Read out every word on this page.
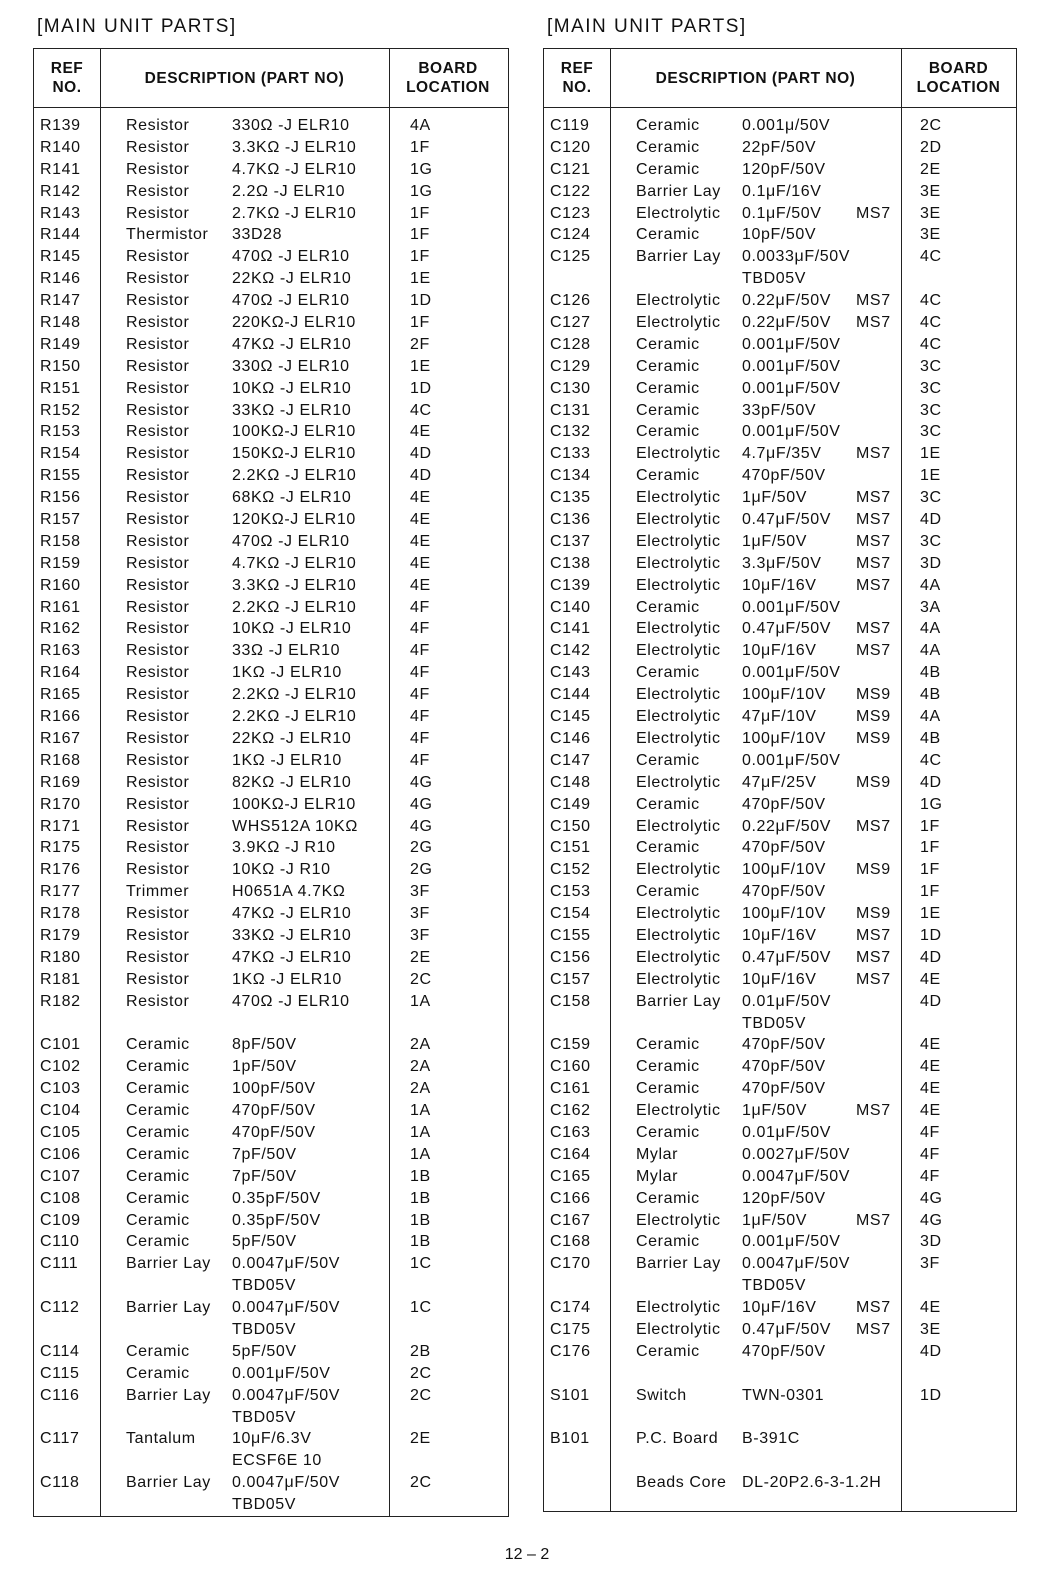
[MAIN UNIT PARTS]
REF NO.
DESCRIPTION (PART NO)
BOARD LOCATION
R139	Resistor	330Ω -J ELR10	4A
R140	Resistor	3.3KΩ -J ELR10	1F
R141	Resistor	4.7KΩ -J ELR10	1G
R142	Resistor	2.2Ω -J ELR10	1G
R143	Resistor	2.7KΩ -J ELR10	1F
R144	Thermistor	33D28	1F
R145	Resistor	470Ω -J ELR10	1F
R146	Resistor	22KΩ -J ELR10	1E
R147	Resistor	470Ω -J ELR10	1D
R148	Resistor	220KΩ-J ELR10	1F
R149	Resistor	47KΩ -J ELR10	2F
R150	Resistor	330Ω -J ELR10	1E
R151	Resistor	10KΩ -J ELR10	1D
R152	Resistor	33KΩ -J ELR10	4C
R153	Resistor	100KΩ-J ELR10	4E
R154	Resistor	150KΩ-J ELR10	4D
R155	Resistor	2.2KΩ -J ELR10	4D
R156	Resistor	68KΩ -J ELR10	4E
R157	Resistor	120KΩ-J ELR10	4E
R158	Resistor	470Ω -J ELR10	4E
R159	Resistor	4.7KΩ -J ELR10	4E
R160	Resistor	3.3KΩ -J ELR10	4E
R161	Resistor	2.2KΩ -J ELR10	4F
R162	Resistor	10KΩ -J ELR10	4F
R163	Resistor	33Ω -J ELR10	4F
R164	Resistor	1KΩ -J ELR10	4F
R165	Resistor	2.2KΩ -J ELR10	4F
R166	Resistor	2.2KΩ -J ELR10	4F
R167	Resistor	22KΩ -J ELR10	4F
R168	Resistor	1KΩ -J ELR10	4F
R169	Resistor	82KΩ -J ELR10	4G
R170	Resistor	100KΩ-J ELR10	4G
R171	Resistor	WHS512A 10KΩ	4G
R175	Resistor	3.9KΩ -J R10	2G
R176	Resistor	10KΩ -J R10	2G
R177	Trimmer	H0651A 4.7KΩ	3F
R178	Resistor	47KΩ -J ELR10	3F
R179	Resistor	33KΩ -J ELR10	3F
R180	Resistor	47KΩ -J ELR10	2E
R181	Resistor	1KΩ -J ELR10	2C
R182	Resistor	470Ω -J ELR10	1A
C101	Ceramic	8pF/50V	2A
C102	Ceramic	1pF/50V	2A
C103	Ceramic	100pF/50V	2A
C104	Ceramic	470pF/50V	1A
C105	Ceramic	470pF/50V	1A
C106	Ceramic	7pF/50V	1A
C107	Ceramic	7pF/50V	1B
C108	Ceramic	0.35pF/50V	1B
C109	Ceramic	0.35pF/50V	1B
C110	Ceramic	5pF/50V	1B
C111	Barrier Lay	0.0047μF/50V	1C
TBD05V
C112	Barrier Lay	0.0047μF/50V	1C
TBD05V
C114	Ceramic	5pF/50V	2B
C115	Ceramic	0.001μF/50V	2C
C116	Barrier Lay	0.0047μF/50V	2C
TBD05V
C117	Tantalum	10μF/6.3V	2E
ECSF6E 10
C118	Barrier Lay	0.0047μF/50V	2C
TBD05V
[MAIN UNIT PARTS]
REF NO.
DESCRIPTION (PART NO)
BOARD LOCATION
C119	Ceramic	0.001μ/50V	2C
C120	Ceramic	22pF/50V	2D
C121	Ceramic	120pF/50V	2E
C122	Barrier Lay	0.1μF/16V	3E
C123	Electrolytic	0.1μF/50V	MS7	3E
C124	Ceramic	10pF/50V	3E
C125	Barrier Lay	0.0033μF/50V	4C
TBD05V
C126	Electrolytic	0.22μF/50V	MS7	4C
C127	Electrolytic	0.22μF/50V	MS7	4C
C128	Ceramic	0.001μF/50V	4C
C129	Ceramic	0.001μF/50V	3C
C130	Ceramic	0.001μF/50V	3C
C131	Ceramic	33pF/50V	3C
C132	Ceramic	0.001μF/50V	3C
C133	Electrolytic	4.7μF/35V	MS7	1E
C134	Ceramic	470pF/50V	1E
C135	Electrolytic	1μF/50V	MS7	3C
C136	Electrolytic	0.47μF/50V	MS7	4D
C137	Electrolytic	1μF/50V	MS7	3C
C138	Electrolytic	3.3μF/50V	MS7	3D
C139	Electrolytic	10μF/16V	MS7	4A
C140	Ceramic	0.001μF/50V	3A
C141	Electrolytic	0.47μF/50V	MS7	4A
C142	Electrolytic	10μF/16V	MS7	4A
C143	Ceramic	0.001μF/50V	4B
C144	Electrolytic	100μF/10V	MS9	4B
C145	Electrolytic	47μF/10V	MS9	4A
C146	Electrolytic	100μF/10V	MS9	4B
C147	Ceramic	0.001μF/50V	4C
C148	Electrolytic	47μF/25V	MS9	4D
C149	Ceramic	470pF/50V	1G
C150	Electrolytic	0.22μF/50V	MS7	1F
C151	Ceramic	470pF/50V	1F
C152	Electrolytic	100μF/10V	MS9	1F
C153	Ceramic	470pF/50V	1F
C154	Electrolytic	100μF/10V	MS9	1E
C155	Electrolytic	10μF/16V	MS7	1D
C156	Electrolytic	0.47μF/50V	MS7	4D
C157	Electrolytic	10μF/16V	MS7	4E
C158	Barrier Lay	0.01μF/50V	4D
TBD05V
C159	Ceramic	470pF/50V	4E
C160	Ceramic	470pF/50V	4E
C161	Ceramic	470pF/50V	4E
C162	Electrolytic	1μF/50V	MS7	4E
C163	Ceramic	0.01μF/50V	4F
C164	Mylar	0.0027μF/50V	4F
C165	Mylar	0.0047μF/50V	4F
C166	Ceramic	120pF/50V	4G
C167	Electrolytic	1μF/50V	MS7	4G
C168	Ceramic	0.001μF/50V	3D
C170	Barrier Lay	0.0047μF/50V	3F
TBD05V
C174	Electrolytic	10μF/16V	MS7	4E
C175	Electrolytic	0.47μF/50V	MS7	3E
C176	Ceramic	470pF/50V	4D
S101	Switch	TWN-0301	1D
B101	P.C. Board	B-391C
Beads Core DL-20P2.6-3-1.2H
12 – 2
